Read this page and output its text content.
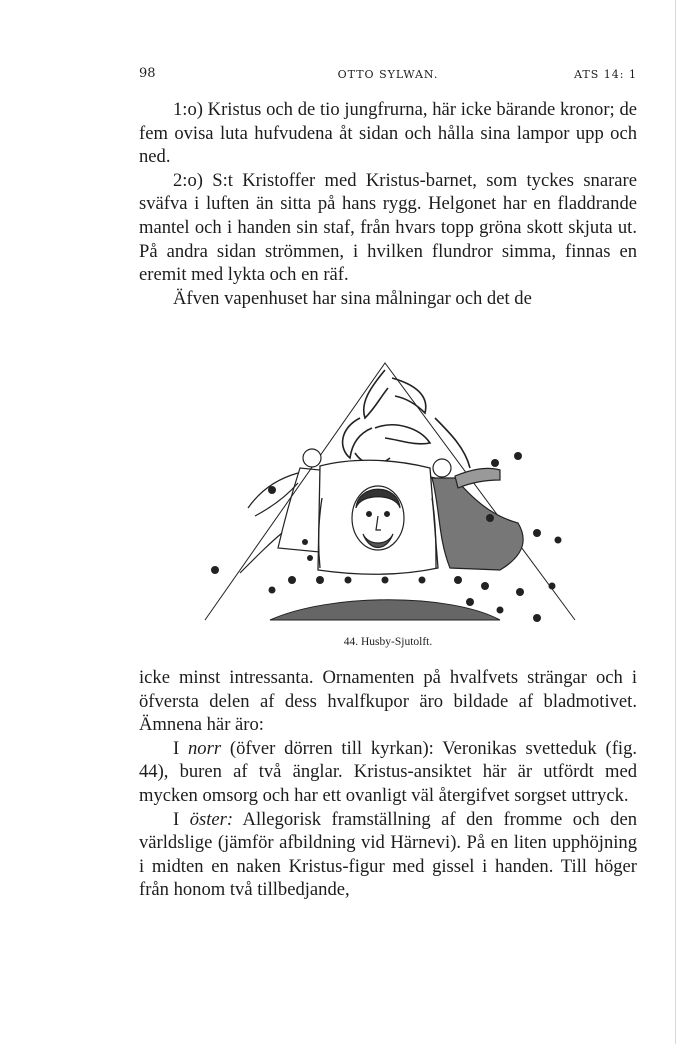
98	OTTO SYLWAN.	ATS 14: 1

1:o) Kristus och de tio jungfrurna, här icke bärande kronor; de fem ovisa luta hufvudena åt sidan och hålla sina lampor upp och ned.

2:o) S:t Kristoffer med Kristus-barnet, som tyckes snarare sväfva i luften än sitta på hans rygg. Helgonet har en fladdrande mantel och i handen sin staf, från hvars topp gröna skott skjuta ut. På andra sidan strömmen, i hvilken flundror simma, finnas en eremit med lykta och en räf.

Äfven vapenhuset har sina målningar och det de

44. Husby-Sjutolft.

icke minst intressanta. Ornamenten på hvalfvets strängar och i öfversta delen af dess hvalfkupor äro bildade af bladmotivet. Ämnena här äro:

I norr (öfver dörren till kyrkan): Veronikas svetteduk (fig. 44), buren af två änglar. Kristus-ansiktet här är utfördt med mycken omsorg och har ett ovanligt väl återgifvet sorgset uttryck.

I öster: Allegorisk framställning af den fromme och den världslige (jämför afbildning vid Härnevi). På en liten upphöjning i midten en naken Kristus-figur med gissel i handen. Till höger från honom två tillbedjande,
